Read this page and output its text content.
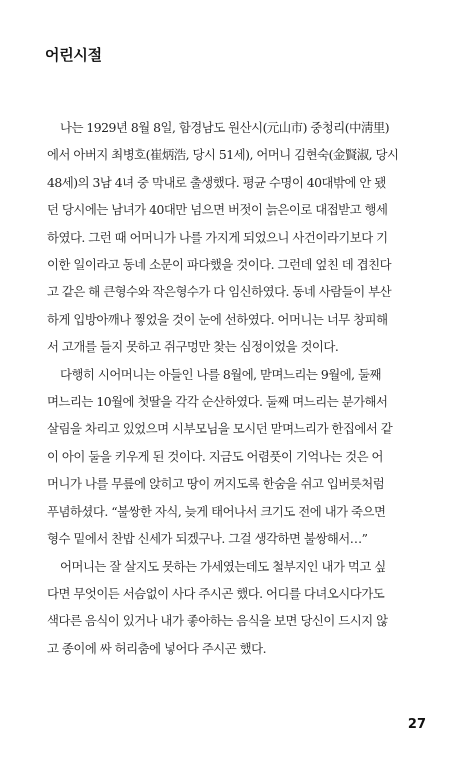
어린시절
나는 1929년 8월 8일, 함경남도 원산시(元山市) 중청리(中淸里)
에서 아버지 최병호(崔炳浩, 당시 51세), 어머니 김현숙(金賢淑, 당시
48세)의 3남 4녀 중 막내로 출생했다. 평균 수명이 40대밖에 안 됐
던 당시에는 남녀가 40대만 넘으면 버젓이 늙은이로 대접받고 행세
하였다. 그런 때 어머니가 나를 가지게 되었으니 사건이라기보다 기
이한 일이라고 동네 소문이 파다했을 것이다. 그런데 엎친 데 겹친다
고 같은 해 큰형수와 작은형수가 다 임신하였다. 동네 사람들이 부산
하게 입방아깨나 찧었을 것이 눈에 선하였다. 어머니는 너무 창피해
서 고개를 들지 못하고 쥐구멍만 찾는 심정이었을 것이다.
다행히 시어머니는 아들인 나를 8월에, 맏며느리는 9월에, 둘째
며느리는 10월에 첫딸을 각각 순산하였다. 둘째 며느리는 분가해서
살림을 차리고 있었으며 시부모님을 모시던 맏며느리가 한집에서 같
이 아이 둘을 키우게 된 것이다. 지금도 어렴풋이 기억나는 것은 어
머니가 나를 무릎에 앉히고 땅이 꺼지도록 한숨을 쉬고 입버릇처럼
푸념하셨다. “불쌍한 자식, 늦게 태어나서 크기도 전에 내가 죽으면
형수 밑에서 찬밥 신세가 되겠구나. 그걸 생각하면 불쌍해서…”
어머니는 잘 살지도 못하는 가세였는데도 철부지인 내가 먹고 싶
다면 무엇이든 서슴없이 사다 주시곤 했다. 어디를 다녀오시다가도
색다른 음식이 있거나 내가 좋아하는 음식을 보면 당신이 드시지 않
고 종이에 싸 허리춤에 넣어다 주시곤 했다.
27
